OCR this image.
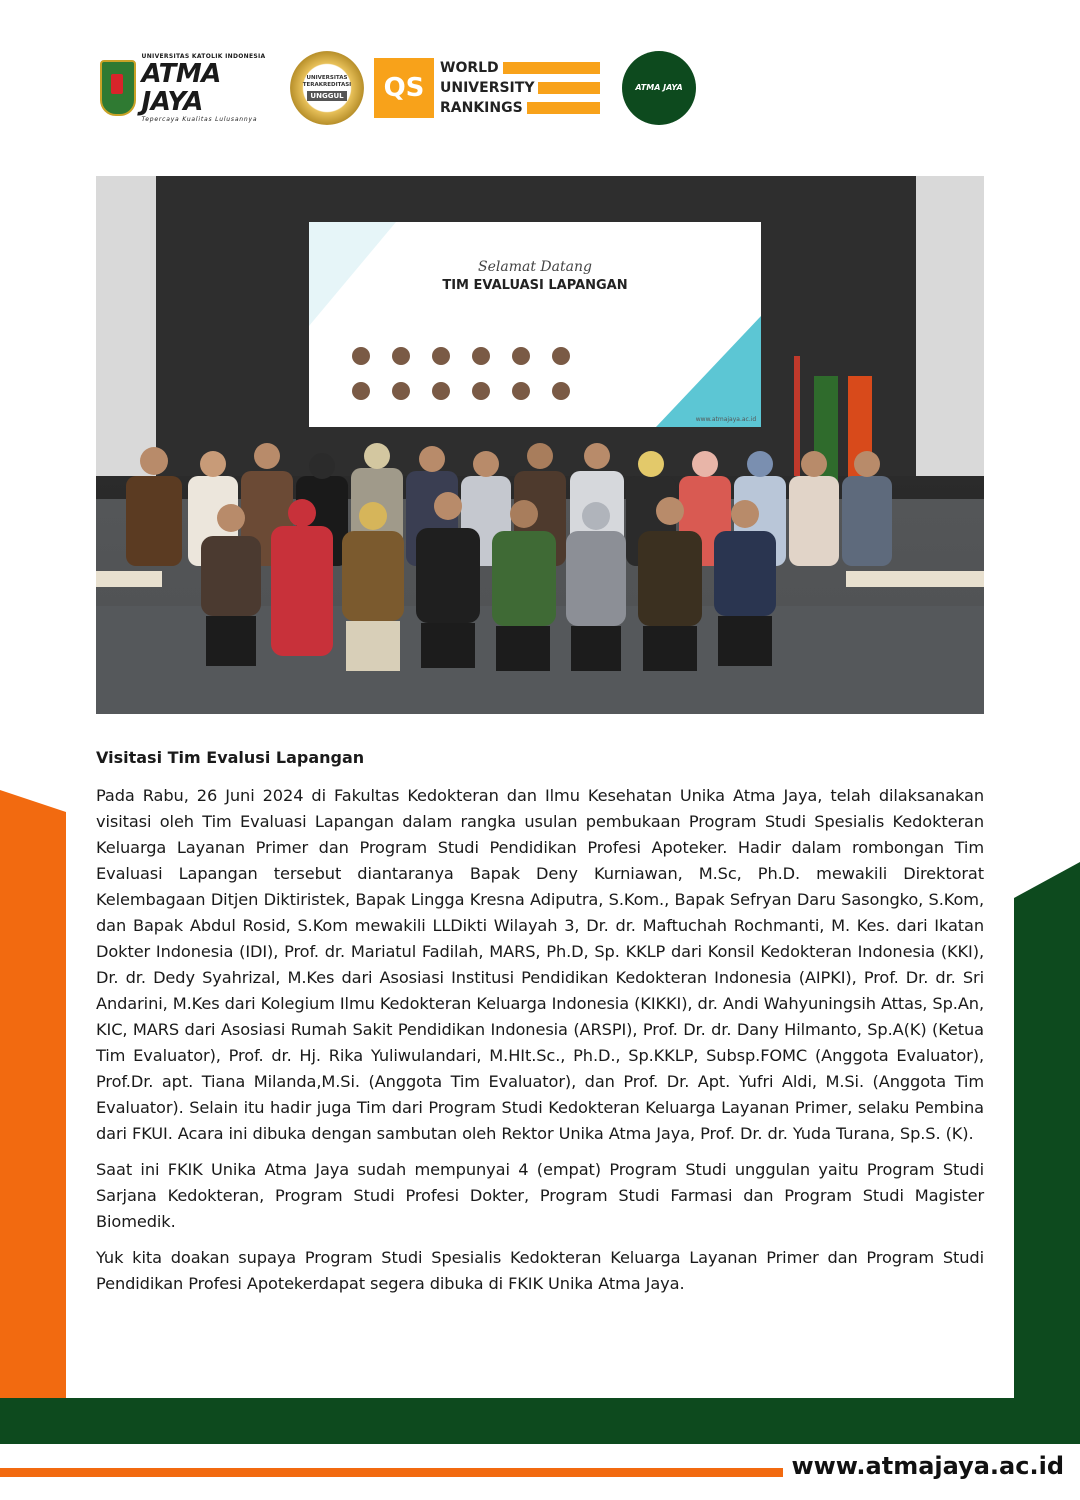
UNIVERSITAS KATOLIK INDONESIA
ATMA JAYA
Tepercaya Kualitas Lulusannya
UNIVERSITAS
TERAKREDITASI
UNGGUL	QS
WORLD
UNIVERSITY
RANKINGS
ATMA JAYA
Selamat Datang
TIM EVALUASI LAPANGAN
www.atmajaya.ac.id

Visitasi Tim Evalusi Lapangan

Pada Rabu, 26 Juni 2024 di Fakultas Kedokteran dan Ilmu Kesehatan Unika Atma Jaya, telah dilaksanakan visitasi oleh Tim Evaluasi Lapangan dalam rangka usulan pembukaan Program Studi Spesialis Kedokteran Keluarga Layanan Primer dan Program Studi Pendidikan Profesi Apoteker. Hadir dalam rombongan Tim Evaluasi Lapangan tersebut diantaranya Bapak Deny Kurniawan, M.Sc, Ph.D. mewakili Direktorat Kelembagaan Ditjen Diktiristek, Bapak Lingga Kresna Adiputra, S.Kom., Bapak Sefryan Daru Sasongko, S.Kom, dan Bapak Abdul Rosid, S.Kom mewakili LLDikti Wilayah 3, Dr. dr. Maftuchah Rochmanti, M. Kes. dari Ikatan Dokter Indonesia (IDI), Prof. dr. Mariatul Fadilah, MARS, Ph.D, Sp. KKLP dari Konsil Kedokteran Indonesia (KKI), Dr. dr. Dedy Syahrizal, M.Kes dari Asosiasi Institusi Pendidikan Kedokteran Indonesia (AIPKI), Prof. Dr. dr. Sri Andarini, M.Kes dari Kolegium Ilmu Kedokteran Keluarga Indonesia (KIKKI), dr. Andi Wahyuningsih Attas, Sp.An, KIC, MARS dari Asosiasi Rumah Sakit Pendidikan Indonesia (ARSPI), Prof. Dr. dr. Dany Hilmanto, Sp.A(K) (Ketua Tim Evaluator), Prof. dr. Hj. Rika Yuliwulandari, M.HIt.Sc., Ph.D., Sp.KKLP, Subsp.FOMC (Anggota Evaluator), Prof.Dr. apt. Tiana Milanda,M.Si. (Anggota Tim Evaluator), dan Prof. Dr. Apt. Yufri Aldi, M.Si. (Anggota Tim Evaluator). Selain itu hadir juga Tim dari Program Studi Kedokteran Keluarga Layanan Primer, selaku Pembina dari FKUI. Acara ini dibuka dengan sambutan oleh Rektor Unika Atma Jaya, Prof. Dr. dr. Yuda Turana, Sp.S. (K).

Saat ini FKIK Unika Atma Jaya sudah mempunyai 4 (empat) Program Studi unggulan yaitu Program Studi Sarjana Kedokteran, Program Studi Profesi Dokter, Program Studi Farmasi dan Program Studi Magister Biomedik.

Yuk kita doakan supaya Program Studi Spesialis Kedokteran Keluarga Layanan Primer dan Program Studi Pendidikan Profesi Apotekerdapat segera dibuka di FKIK Unika Atma Jaya.

www.atmajaya.ac.id
